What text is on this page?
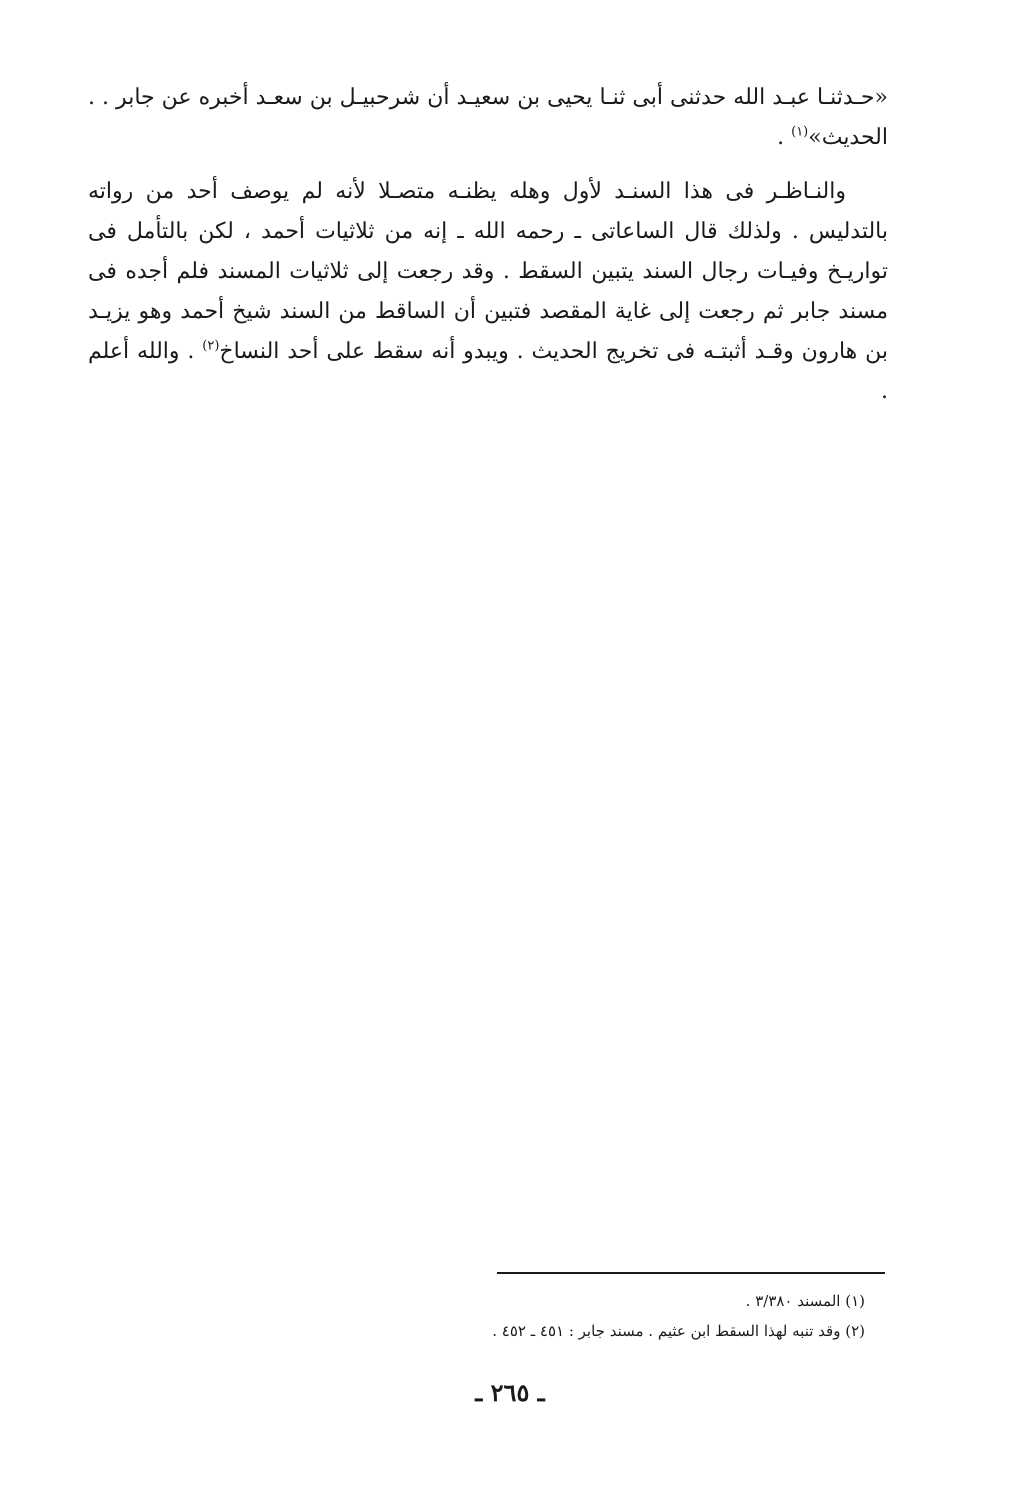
«حـدثنـا عبـد الله حدثنى أبى ثنـا يحيى بن سعيـد أن شرحبيـل بن سعـد أخبره عن جابر . . الحديث»$^{(١)}$ .

والنـاظـر فى هذا السنـد لأول وهله يظنـه متصـلا لأنه لم يوصف أحد من رواته بالتدليس . ولذلك قال الساعاتى ـ رحمه الله ـ إنه من ثلاثيات أحمد ، لكن بالتأمل فى تواريـخ وفيـات رجال السند يتبين السقط . وقد رجعت إلى ثلاثيات المسند فلم أجده فى مسند جابر ثم رجعت إلى غاية المقصد فتبين أن الساقط من السند شيخ أحمد وهو يزيـد بن هارون وقـد أثبتـه فى تخريج الحديث . ويبدو أنه سقط على أحد النساخ$^{(٢)}$ . والله أعلم .

(١) المسند ٣/٣٨٠ .
(٢) وقد تنبه لهذا السقط ابن عثيم . مسند جابر : ٤٥١ ـ ٤٥٢ .
ـ ٢٦٥ ـ
